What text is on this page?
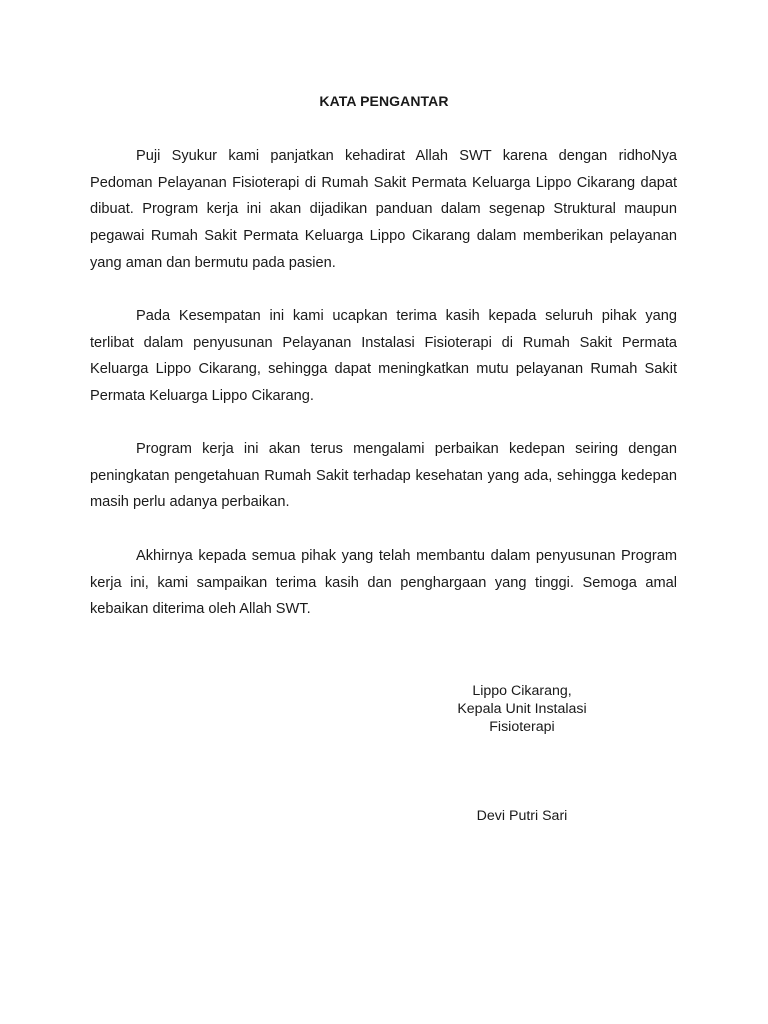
KATA PENGANTAR

Puji Syukur kami panjatkan kehadirat Allah SWT karena dengan ridhoNya Pedoman Pelayanan Fisioterapi di Rumah Sakit Permata Keluarga Lippo Cikarang dapat dibuat. Program kerja ini akan dijadikan panduan dalam segenap Struktural maupun pegawai Rumah Sakit Permata Keluarga Lippo Cikarang dalam memberikan pelayanan yang aman dan bermutu pada pasien.

Pada Kesempatan ini kami ucapkan terima kasih kepada seluruh pihak yang terlibat dalam penyusunan Pelayanan Instalasi Fisioterapi di Rumah Sakit Permata Keluarga Lippo Cikarang, sehingga dapat meningkatkan mutu pelayanan Rumah Sakit Permata Keluarga Lippo Cikarang.

Program kerja ini akan terus mengalami perbaikan kedepan seiring dengan peningkatan pengetahuan Rumah Sakit terhadap kesehatan yang ada, sehingga kedepan masih perlu adanya perbaikan.

Akhirnya kepada semua pihak yang telah membantu dalam penyusunan Program kerja ini, kami sampaikan terima kasih dan penghargaan yang tinggi. Semoga amal kebaikan diterima oleh Allah SWT.

Lippo Cikarang,
Kepala Unit Instalasi
Fisioterapi
Devi Putri Sari
